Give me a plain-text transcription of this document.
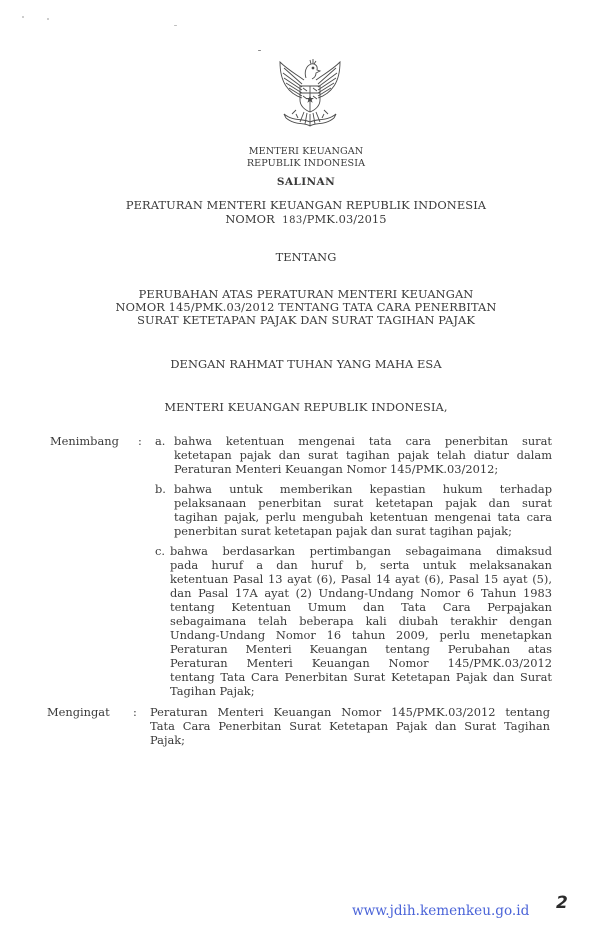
MENTERI KEUANGAN
REPUBLIK INDONESIA
SALINAN
PERATURAN MENTERI KEUANGAN REPUBLIK INDONESIA
NOMOR 183/PMK.03/2015
TENTANG
PERUBAHAN ATAS PERATURAN MENTERI KEUANGAN
NOMOR 145/PMK.03/2012 TENTANG TATA CARA PENERBITAN
SURAT KETETAPAN PAJAK DAN SURAT TAGIHAN PAJAK
DENGAN RAHMAT TUHAN YANG MAHA ESA
MENTERI KEUANGAN REPUBLIK INDONESIA,
Menimbang : a. bahwa ketentuan mengenai tata cara penerbitan surat
ketetapan pajak dan surat tagihan pajak telah diatur dalam
Peraturan Menteri Keuangan Nomor 145/PMK.03/2012;
b. bahwa untuk memberikan kepastian hukum terhadap
pelaksanaan penerbitan surat ketetapan pajak dan surat
tagihan pajak, perlu mengubah ketentuan mengenai tata cara
penerbitan surat ketetapan pajak dan surat tagihan pajak;
c. bahwa berdasarkan pertimbangan sebagaimana dimaksud
pada huruf a dan huruf b, serta untuk melaksanakan
ketentuan Pasal 13 ayat (6), Pasal 14 ayat (6), Pasal 15 ayat (5),
dan Pasal 17A ayat (2) Undang-Undang Nomor 6 Tahun 1983
tentang Ketentuan Umum dan Tata Cara Perpajakan
sebagaimana telah beberapa kali diubah terakhir dengan
Undang-Undang Nomor 16 tahun 2009, perlu menetapkan
Peraturan Menteri Keuangan tentang Perubahan atas
Peraturan Menteri Keuangan Nomor 145/PMK.03/2012
tentang Tata Cara Penerbitan Surat Ketetapan Pajak dan Surat
Tagihan Pajak;
Mengingat : Peraturan Menteri Keuangan Nomor 145/PMK.03/2012 tentang
Tata Cara Penerbitan Surat Ketetapan Pajak dan Surat Tagihan
Pajak;
www.jdih.kemenkeu.go.id 2
